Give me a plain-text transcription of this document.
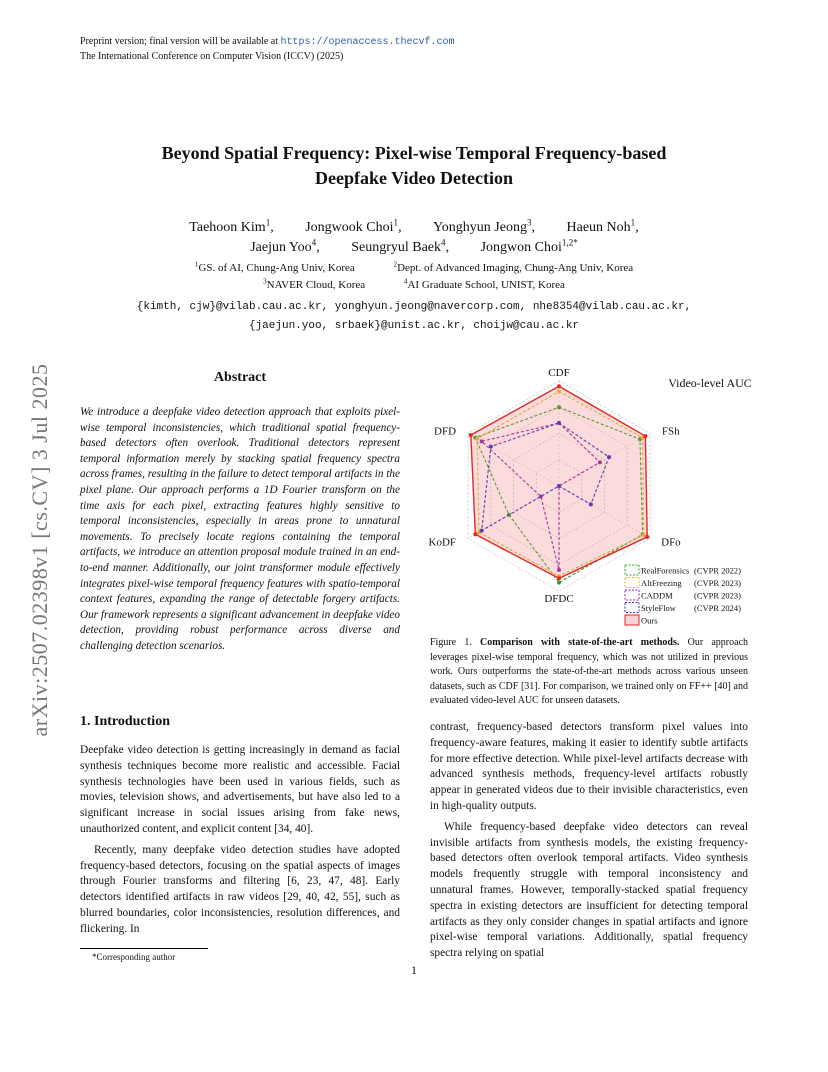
Preprint version; final version will be available at https://openaccess.thecvf.com
The International Conference on Computer Vision (ICCV) (2025)
arXiv:2507.02398v1 [cs.CV] 3 Jul 2025
Beyond Spatial Frequency: Pixel-wise Temporal Frequency-based
Deepfake Video Detection
Taehoon Kim$^1$, Jongwook Choi$^1$, Yonghyun Jeong$^3$, Haeun Noh$^1$,
Jaejun Yoo$^4$, Seungryul Baek$^4$, Jongwon Choi$^{1,2*}$
$^1$GS. of AI, Chung-Ang Univ, Korea	$^2$Dept. of Advanced Imaging, Chung-Ang Univ, Korea
$^3$NAVER Cloud, Korea	$^4$AI Graduate School, UNIST, Korea
{kimth, cjw}@vilab.cau.ac.kr, yonghyun.jeong@navercorp.com, nhe8354@vilab.cau.ac.kr,
{jaejun.yoo, srbaek}@unist.ac.kr, choijw@cau.ac.kr
Abstract
We introduce a deepfake video detection approach that exploits pixel-wise temporal inconsistencies, which traditional spatial frequency-based detectors often overlook. Traditional detectors represent temporal information merely by stacking spatial frequency spectra across frames, resulting in the failure to detect temporal artifacts in the pixel plane. Our approach performs a 1D Fourier transform on the time axis for each pixel, extracting features highly sensitive to temporal inconsistencies, especially in areas prone to unnatural movements. To precisely locate regions containing the temporal artifacts, we introduce an attention proposal module trained in an end-to-end manner. Additionally, our joint transformer module effectively integrates pixel-wise temporal frequency features with spatio-temporal context features, expanding the range of detectable forgery artifacts. Our framework represents a significant advancement in deepfake video detection, providing robust performance across diverse and challenging detection scenarios.
1. Introduction

Deepfake video detection is getting increasingly in demand as facial synthesis techniques become more realistic and accessible. Facial synthesis technologies have been used in various fields, such as movies, television shows, and advertisements, but have also led to a significant increase in social issues arising from fake news, unauthorized content, and explicit content [34, 40].

Recently, many deepfake video detection studies have adopted frequency-based detectors, focusing on the spatial aspects of images through Fourier transforms and filtering [6, 23, 47, 48]. Early detectors identified artifacts in raw videos [29, 40, 42, 55], such as blurred boundaries, color inconsistencies, resolution differences, and flickering. In

*Corresponding author

contrast, frequency-based detectors transform pixel values into frequency-aware features, making it easier to identify subtle artifacts for more effective detection. While pixel-level artifacts decrease with advanced synthesis methods, frequency-level artifacts robustly appear in generated videos due to their invisible characteristics, even in high-quality outputs.

While frequency-based deepfake video detectors can reveal invisible artifacts from synthesis models, the existing frequency-based detectors often overlook temporal artifacts. Video synthesis models frequently struggle with temporal inconsistency and unnatural frames. However, temporally-stacked spatial frequency spectra in existing detectors are insufficient for detecting temporal artifacts as they only consider changes in spatial artifacts and ignore pixel-wise temporal variations. Additionally, spatial frequency spectra relying on spatial

CDF
FSh
DFo
DFDC
KoDF
DFD
Video-level AUC
RealForensics (CVPR 2022)
AltFreezing (CVPR 2023)
CADDM	(CVPR 2023)
StyleFlow (CVPR 2024)
Ours
Figure 1. Comparison with state-of-the-art methods. Our approach leverages pixel-wise temporal frequency, which was not utilized in previous work. Ours outperforms the state-of-the-art methods across various unseen datasets, such as CDF [31]. For comparison, we trained only on FF++ [40] and evaluated video-level AUC for unseen datasets.
1
